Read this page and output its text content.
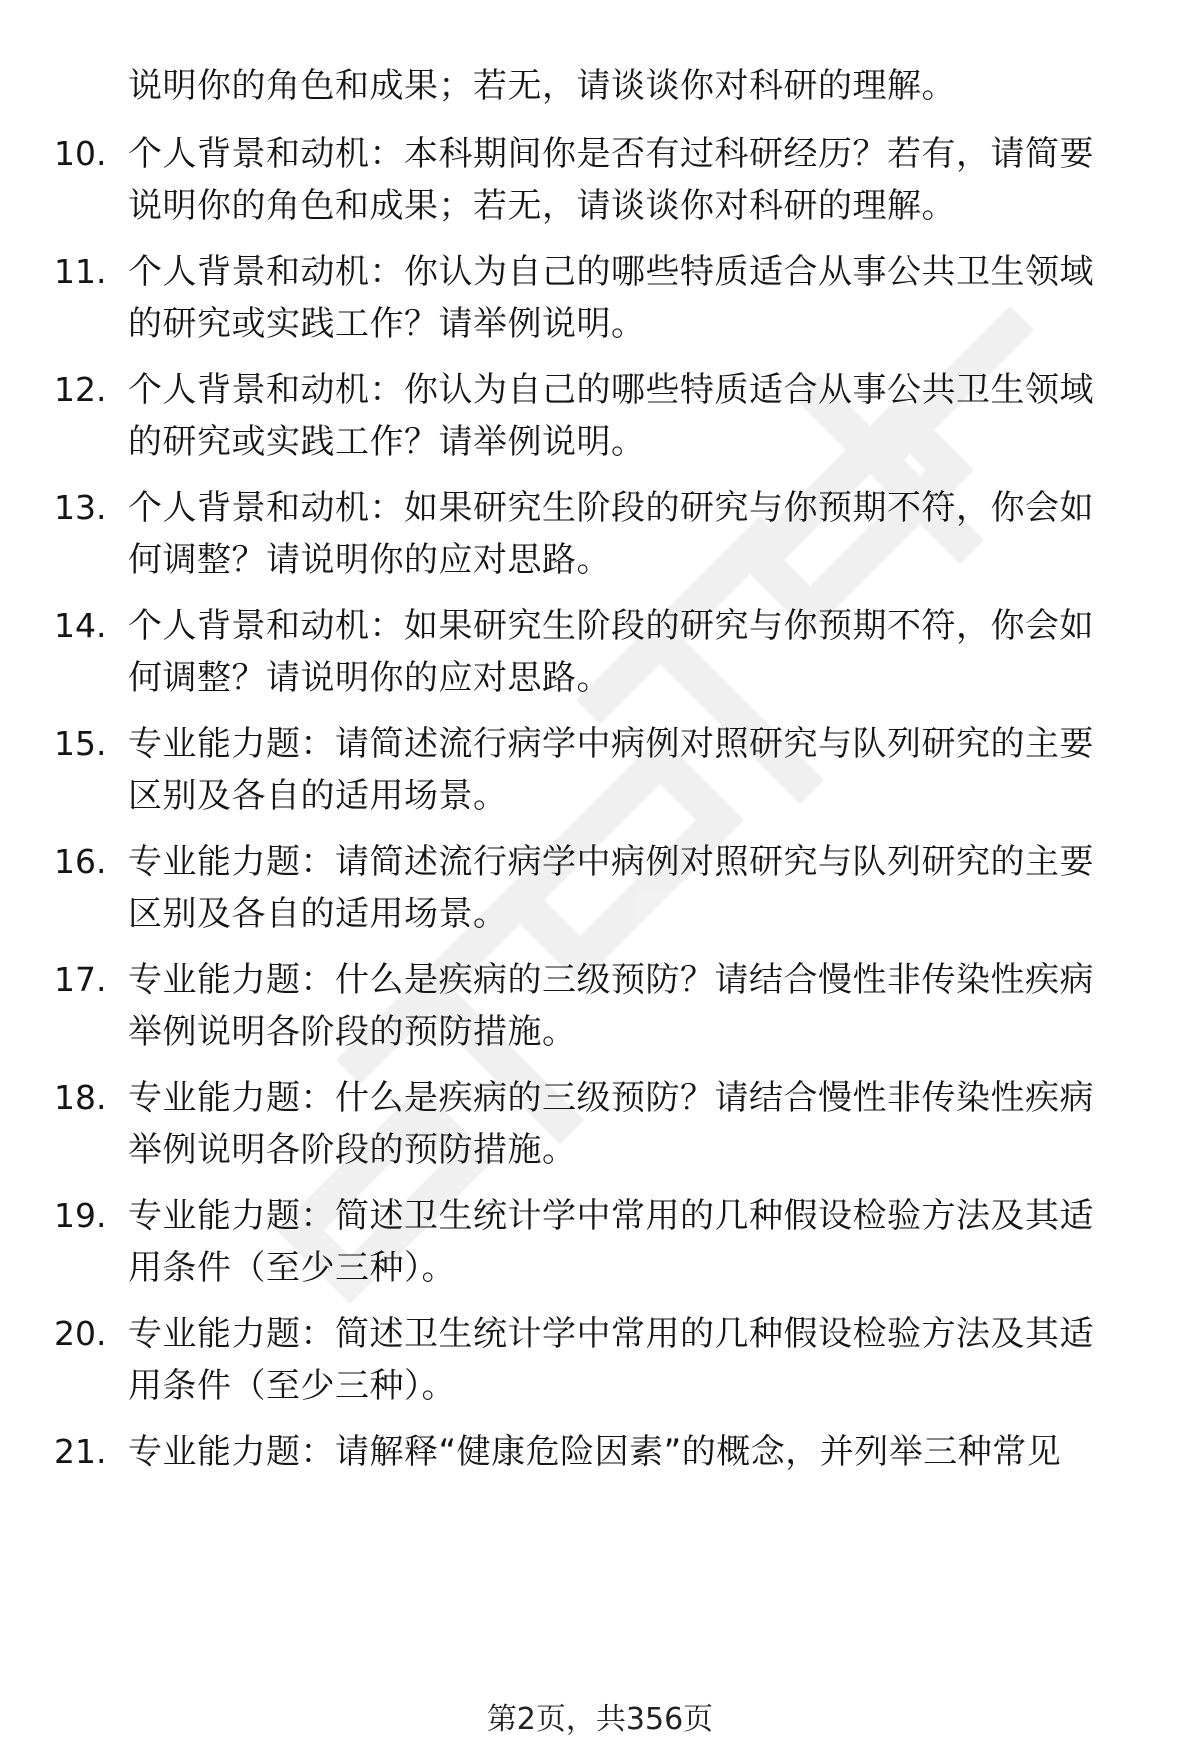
说明你的角色和成果；若无，请谈谈你对科研的理解。
10. 个人背景和动机：本科期间你是否有过科研经历？若有，请简要
说明你的角色和成果；若无，请谈谈你对科研的理解。
11. 个人背景和动机：你认为自己的哪些特质适合从事公共卫生领域
的研究或实践工作？请举例说明。
12. 个人背景和动机：你认为自己的哪些特质适合从事公共卫生领域
的研究或实践工作？请举例说明。
13. 个人背景和动机：如果研究生阶段的研究与你预期不符，你会如
何调整？请说明你的应对思路。
14. 个人背景和动机：如果研究生阶段的研究与你预期不符，你会如
何调整？请说明你的应对思路。
15. 专业能力题：请简述流行病学中病例对照研究与队列研究的主要
区别及各自的适用场景。
16. 专业能力题：请简述流行病学中病例对照研究与队列研究的主要
区别及各自的适用场景。
17. 专业能力题：什么是疾病的三级预防？请结合慢性非传染性疾病
举例说明各阶段的预防措施。
18. 专业能力题：什么是疾病的三级预防？请结合慢性非传染性疾病
举例说明各阶段的预防措施。
19. 专业能力题：简述卫生统计学中常用的几种假设检验方法及其适
用条件（至少三种）。
20. 专业能力题：简述卫生统计学中常用的几种假设检验方法及其适
用条件（至少三种）。
21. 专业能力题：请解释“健康危险因素”的概念，并列举三种常见
第2页，共356页
